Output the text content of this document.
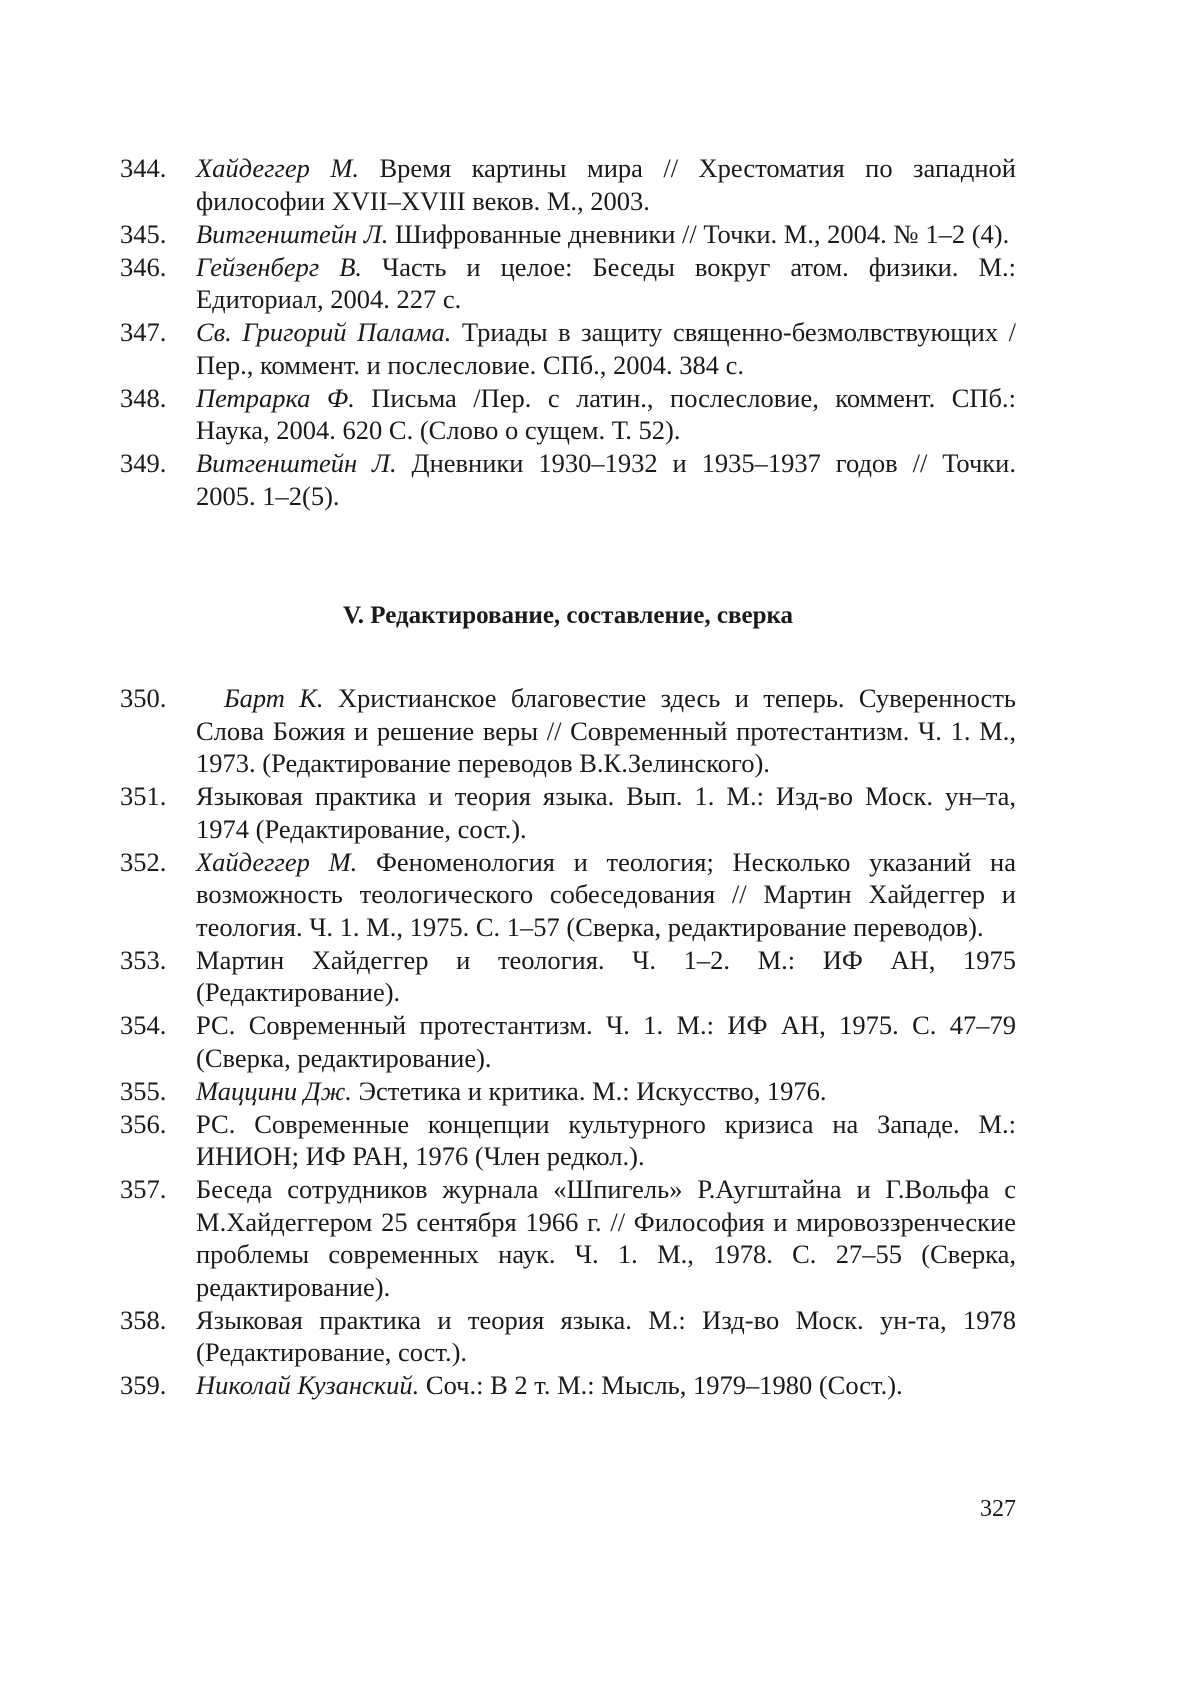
344. Хайдеггер М. Время картины мира // Хрестоматия по западной философии XVII–XVIII веков. М., 2003.
345. Витгенштейн Л. Шифрованные дневники // Точки. М., 2004. № 1–2 (4).
346. Гейзенберг В. Часть и целое: Беседы вокруг атом. физики. М.: Едиториал, 2004. 227 с.
347. Св. Григорий Палама. Триады в защиту священно-безмолвствующих /Пер., коммент. и послесловие. СПб., 2004. 384 с.
348. Петрарка Ф. Письма /Пер. с латин., послесловие, коммент. СПб.: Наука, 2004. 620 С. (Слово о сущем. Т. 52).
349. Витгенштейн Л. Дневники 1930–1932 и 1935–1937 годов // Точки. 2005. 1–2(5).
V. Редактирование, составление, сверка
350.	Барт К. Христианское благовестие здесь и теперь. Суверенность Слова Божия и решение веры // Современный протестантизм. Ч. 1. М., 1973. (Редактирование переводов В.К.Зелинского).
351. Языковая практика и теория языка. Вып. 1. М.: Изд-во Моск. ун–та, 1974 (Редактирование, сост.).
352. Хайдеггер М. Феноменология и теология; Несколько указаний на возможность теологического собеседования // Мартин Хайдеггер и теология. Ч. 1. М., 1975. С. 1–57 (Сверка, редактирование переводов).
353. Мартин Хайдеггер и теология. Ч. 1–2. М.: ИФ АН, 1975 (Редактирование).
354. РС. Современный протестантизм. Ч. 1. М.: ИФ АН, 1975. С. 47–79 (Сверка, редактирование).
355. Маццини Дж. Эстетика и критика. М.: Искусство, 1976.
356. РС. Современные концепции культурного кризиса на Западе. М.: ИНИОН; ИФ РАН, 1976 (Член редкол.).
357. Беседа сотрудников журнала «Шпигель» Р.Аугштайна и Г.Вольфа с М.Хайдеггером 25 сентября 1966 г. // Философия и мировоззренческие проблемы современных наук. Ч. 1. М., 1978. С. 27–55 (Сверка, редактирование).
358. Языковая практика и теория языка. М.: Изд-во Моск. ун-та, 1978 (Редактирование, сост.).
359. Николай Кузанский. Соч.: В 2 т. М.: Мысль, 1979–1980 (Сост.).
327
